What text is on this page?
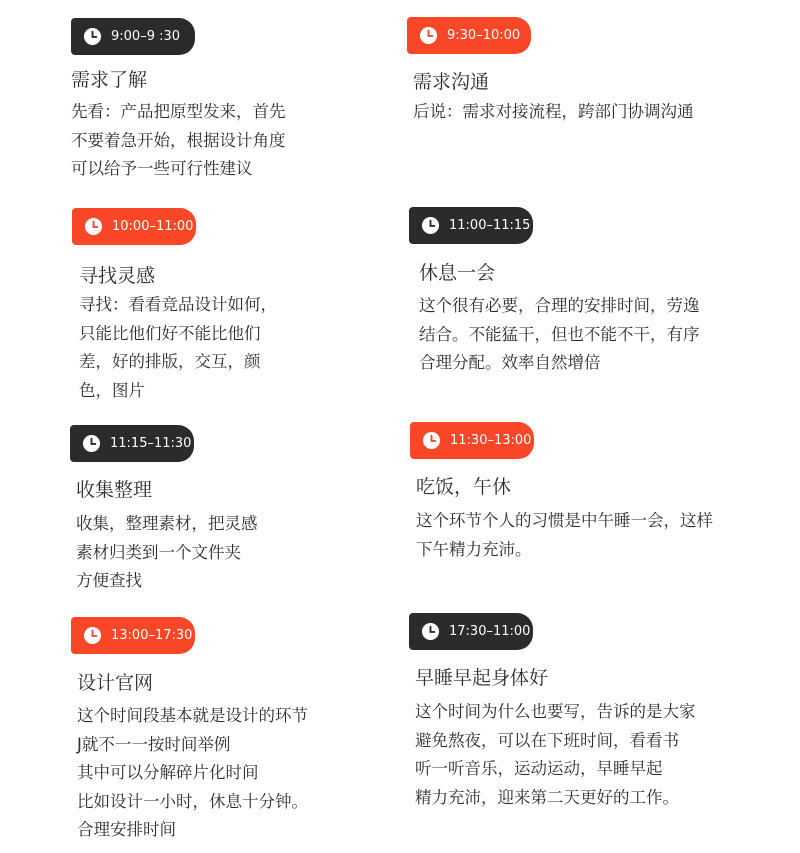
9:00–9 :30
需求了解
先看：产品把原型发来，首先
不要着急开始，根据设计角度
可以给予一些可行性建议
9:30–10:00
需求沟通
后说：需求对接流程，跨部门协调沟通
10:00–11:00
寻找灵感
寻找：看看竞品设计如何，
只能比他们好不能比他们
差，好的排版，交互，颜
色，图片
11:00–11:15
休息一会
这个很有必要，合理的安排时间，劳逸
结合。不能猛干，但也不能不干，有序
合理分配。效率自然增倍
11:15–11:30
收集整理
收集，整理素材，把灵感
素材归类到一个文件夹
方便查找
11:30–13:00
吃饭，午休
这个环节个人的习惯是中午睡一会，这样
下午精力充沛。
13:00–17:30
设计官网
这个时间段基本就是设计的环节
J就不一一按时间举例
其中可以分解碎片化时间
比如设计一小时，休息十分钟。
合理安排时间
17:30–11:00
早睡早起身体好
这个时间为什么也要写，告诉的是大家
避免熬夜，可以在下班时间，看看书
听一听音乐，运动运动，早睡早起
精力充沛，迎来第二天更好的工作。
